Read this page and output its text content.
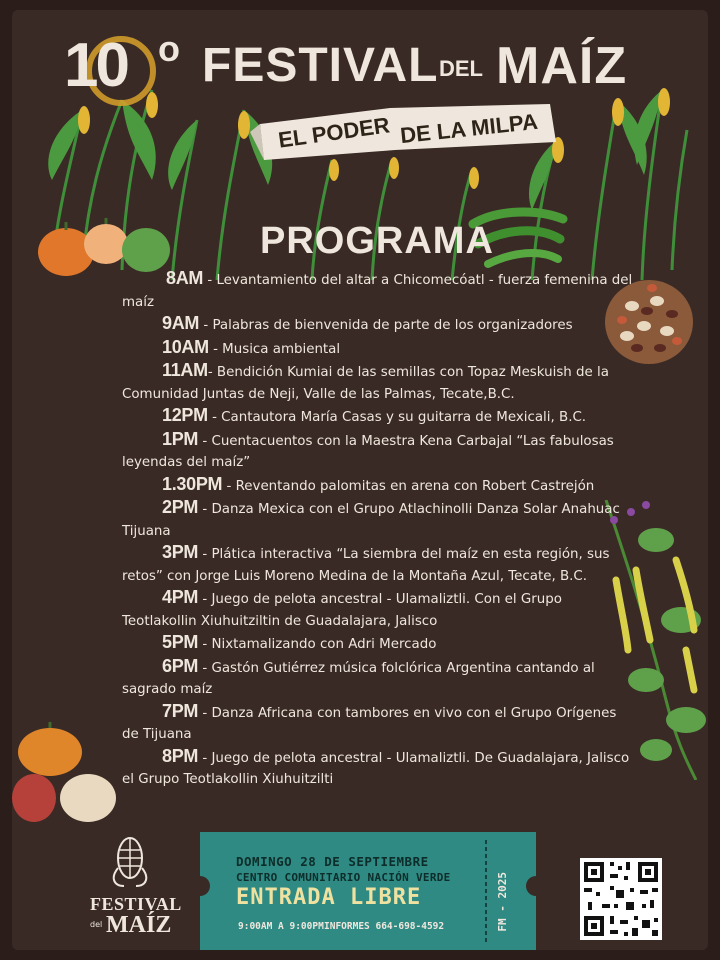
10 o FESTIVAL DEL MAÍZ
EL PODER DE LA MILPA
PROGRAMA

8AM - Levantamiento del altar a Chicomecóatl - fuerza femenina del maíz

9AM - Palabras de bienvenida de parte de los organizadores

10AM - Musica ambiental

11AM- Bendición Kumiai de las semillas con Topaz Meskuish de la Comunidad Juntas de Neji, Valle de las Palmas, Tecate,B.C.

12PM - Cantautora María Casas y su guitarra de Mexicali, B.C.

1PM - Cuentacuentos con la Maestra Kena Carbajal “Las fabulosas leyendas del maíz”

1.30PM - Reventando palomitas en arena con Robert Castrejón

2PM - Danza Mexica con el Grupo Atlachinolli Danza Solar Anahuac Tijuana

3PM - Plática interactiva “La siembra del maíz en esta región, sus retos” con Jorge Luis Moreno Medina de la Montaña Azul, Tecate, B.C.

4PM - Juego de pelota ancestral - Ulamaliztli. Con el Grupo Teotlakollin Xiuhuitziltin de Guadalajara, Jalisco

5PM - Nixtamalizando con Adri Mercado

6PM - Gastón Gutiérrez música folclórica Argentina cantando al sagrado maíz

7PM - Danza Africana con tambores en vivo con el Grupo Orígenes de Tijuana

8PM - Juego de pelota ancestral - Ulamaliztli. De Guadalajara, Jalisco el Grupo Teotlakollin Xiuhuitzilti

FESTIVAL
del MAÍZ
DOMINGO 28 DE SEPTIEMBRE
CENTRO COMUNITARIO NACIÓN VERDE
ENTRADA LIBRE
9:00AM A 9:00PM INFORMES 664-698-4592	FM - 2025
